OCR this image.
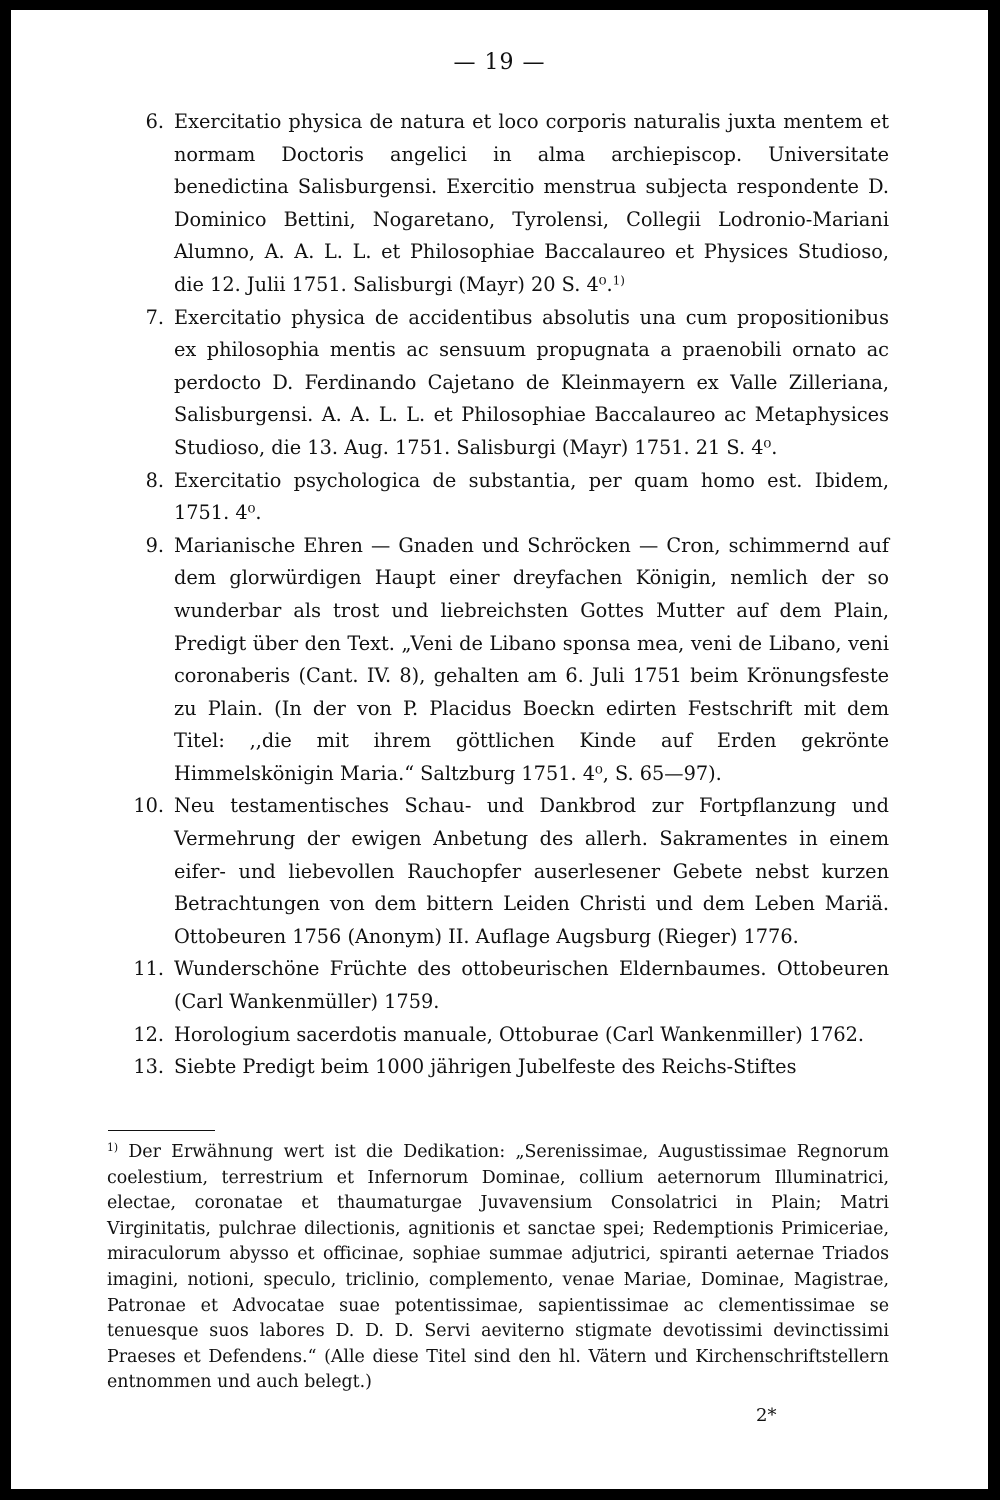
— 19 —
6. Exercitatio physica de natura et loco corporis naturalis juxta mentem et normam Doctoris angelici in alma archiepiscop. Universitate benedictina Salisburgensi. Exercitio menstrua subjecta respondente D. Dominico Bettini, Nogaretano, Tyrolensi, Collegii Lodronio-Mariani Alumno, A. A. L. L. et Philosophiae Baccalaureo et Physices Studioso, die 12. Julii 1751. Salisburgi (Mayr) 20 S. 4⁰.$^{1)}$
7. Exercitatio physica de accidentibus absolutis una cum propositionibus ex philosophia mentis ac sensuum propugnata a praenobili ornato ac perdocto D. Ferdinando Cajetano de Kleinmayern ex Valle Zilleriana, Salisburgensi. A. A. L. L. et Philosophiae Baccalaureo ac Metaphysices Studioso, die 13. Aug. 1751. Salisburgi (Mayr) 1751. 21 S. 4⁰.
8. Exercitatio psychologica de substantia, per quam homo est. Ibidem, 1751. 4⁰.
9. Marianische Ehren — Gnaden und Schröcken — Cron, schimmernd auf dem glorwürdigen Haupt einer dreyfachen Königin, nemlich der so wunderbar als trost und liebreichsten Gottes Mutter auf dem Plain, Predigt über den Text. „Veni de Libano sponsa mea, veni de Libano, veni coronaberis (Cant. IV. 8), gehalten am 6. Juli 1751 beim Krönungsfeste zu Plain. (In der von P. Placidus Boeckn edirten Festschrift mit dem Titel: ,,die mit ihrem göttlichen Kinde auf Erden gekrönte Himmelskönigin Maria.“ Saltzburg 1751. 4⁰, S. 65—97).
10. Neu testamentisches Schau- und Dankbrod zur Fortpflanzung und Vermehrung der ewigen Anbetung des allerh. Sakramentes in einem eifer- und liebevollen Rauchopfer auserlesener Gebete nebst kurzen Betrachtungen von dem bittern Leiden Christi und dem Leben Mariä. Ottobeuren 1756 (Anonym) II. Auflage Augsburg (Rieger) 1776.
11. Wunderschöne Früchte des ottobeurischen Eldernbaumes. Ottobeuren (Carl Wankenmüller) 1759.
12. Horologium sacerdotis manuale, Ottoburae (Carl Wankenmiller) 1762.
13. Siebte Predigt beim 1000 jährigen Jubelfeste des Reichs-Stiftes
$^{1)}$ Der Erwähnung wert ist die Dedikation: „Serenissimae, Augustissimae Regnorum coelestium, terrestrium et Infernorum Dominae, collium aeternorum Illuminatrici, electae, coronatae et thaumaturgae Juvavensium Consolatrici in Plain; Matri Virginitatis, pulchrae dilectionis, agnitionis et sanctae spei; Redemptionis Primiceriae, miraculorum abysso et officinae, sophiae summae adjutrici, spiranti aeternae Triados imagini, notioni, speculo, triclinio, complemento, venae Mariae, Dominae, Magistrae, Patronae et Advocatae suae potentissimae, sapientissimae ac clementissimae se tenuesque suos labores D. D. D. Servi aeviterno stigmate devotissimi devinctissimi Praeses et Defendens.“ (Alle diese Titel sind den hl. Vätern und Kirchenschriftstellern entnommen und auch belegt.)
2*
